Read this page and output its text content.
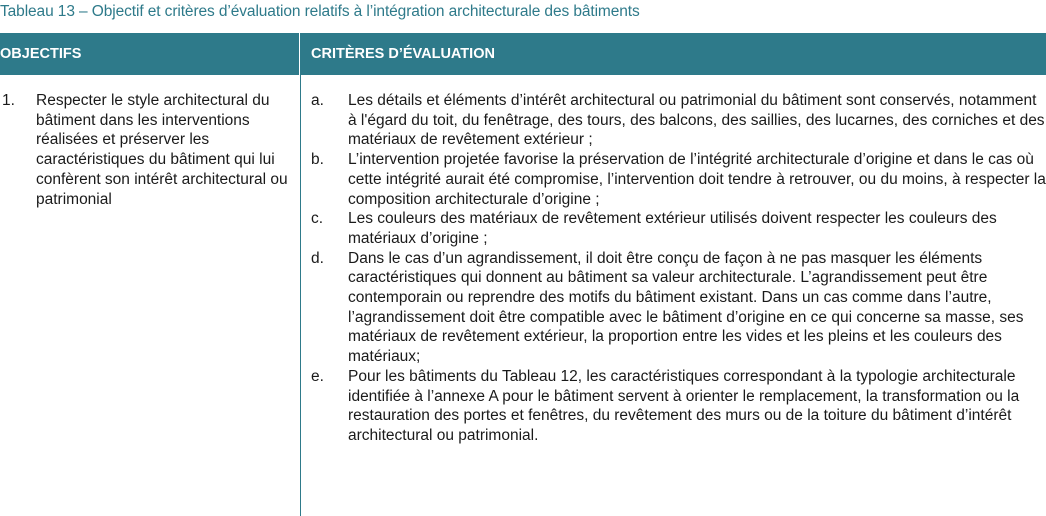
Tableau 13 – Objectif et critères d’évaluation relatifs à l’intégration architecturale des bâtiments
OBJECTIFS	CRITÈRES D’ÉVALUATION
1. Respecter le style architectural du bâtiment dans les interventions réalisées et préserver les caractéristiques du bâtiment qui lui confèrent son intérêt architectural ou patrimonial
a. Les détails et éléments d’intérêt architectural ou patrimonial du bâtiment sont conservés, notamment à l'égard du toit, du fenêtrage, des tours, des balcons, des saillies, des lucarnes, des corniches et des matériaux de revêtement extérieur ;
b. L’intervention projetée favorise la préservation de l’intégrité architecturale d’origine et dans le cas où cette intégrité aurait été compromise, l’intervention doit tendre à retrouver, ou du moins, à respecter la composition architecturale d’origine ;
c. Les couleurs des matériaux de revêtement extérieur utilisés doivent respecter les couleurs des matériaux d’origine ;
d. Dans le cas d’un agrandissement, il doit être conçu de façon à ne pas masquer les éléments caractéristiques qui donnent au bâtiment sa valeur architecturale. L’agrandissement peut être contemporain ou reprendre des motifs du bâtiment existant. Dans un cas comme dans l’autre, l’agrandissement doit être compatible avec le bâtiment d’origine en ce qui concerne sa masse, ses matériaux de revêtement extérieur, la proportion entre les vides et les pleins et les couleurs des matériaux;
e. Pour les bâtiments du Tableau 12, les caractéristiques correspondant à la typologie architecturale identifiée à l’annexe A pour le bâtiment servent à orienter le remplacement, la transformation ou la restauration des portes et fenêtres, du revêtement des murs ou de la toiture du bâtiment d’intérêt architectural ou patrimonial.
